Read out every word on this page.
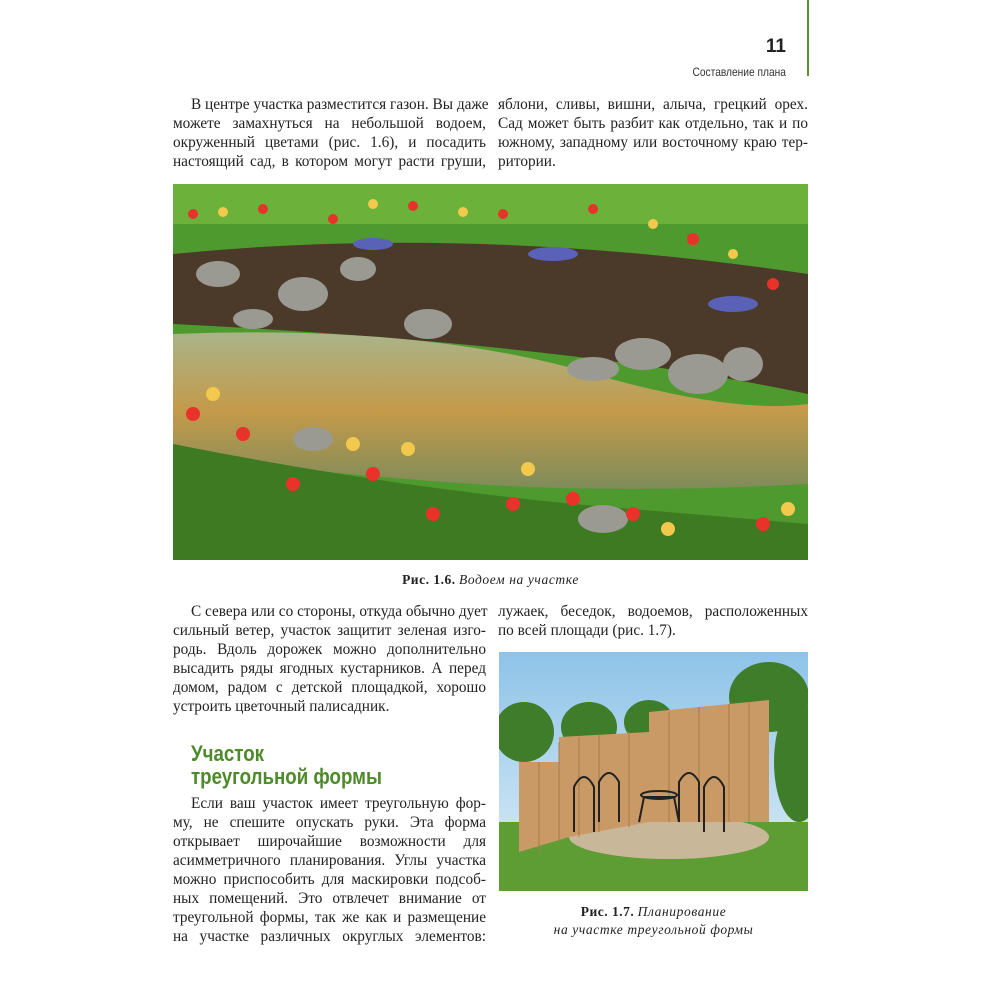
11
Составление плана
В центре участка разместится газон. Вы даже
можете замахнуться на небольшой водоем,
окруженный цветами (рис. 1.6), и посадить
настоящий сад, в котором могут расти груши,
яблони, сливы, вишни, алыча, грецкий орех.
Сад может быть разбит как отдельно, так и по
южному, западному или восточному краю тер-
ритории.
Рис. 1.6. Водоем на участке
С севера или со стороны, откуда обычно дует
сильный ветер, участок защитит зеленая изго-
родь. Вдоль дорожек можно дополнительно
высадить ряды ягодных кустарников. А перед
домом, радом с детской площадкой, хорошо
устроить цветочный палисадник.
лужаек, беседок, водоемов, расположенных
по всей площади (рис. 1.7).
Участок
треугольной формы
Если ваш участок имеет треугольную фор-
му, не спешите опускать руки. Эта форма
открывает широчайшие возможности для
асимметричного планирования. Углы участка
можно приспособить для маскировки подсоб-
ных помещений. Это отвлечет внимание от
треугольной формы, так же как и размещение
на участке различных округлых элементов:
Рис. 1.7. Планирование
на участке треугольной формы
